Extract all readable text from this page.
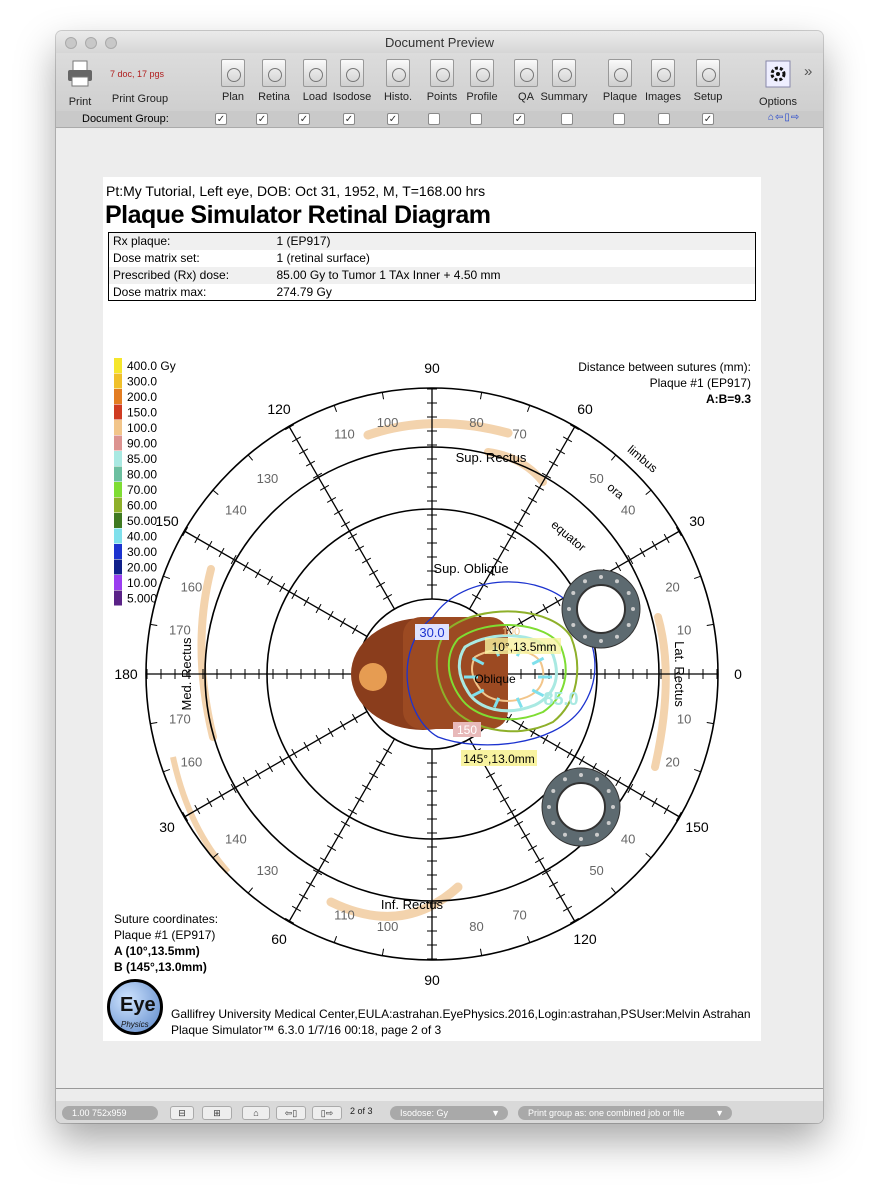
Document Preview
Print
7 doc, 17 pgs
Print Group	Plan	Retina	Load Isodose	Histo.	Points Profile	QA Summary	Plaque Images	Setup	Options
»
Document Group:	✓	✓	✓	✓	✓	✓	✓	⌂⇦▯⇨
Pt:My Tutorial, Left eye, DOB: Oct 31, 1952, M, T=168.00 hrs
Plaque Simulator Retinal Diagram
Rx plaque:	1 (EP917)
Dose matrix set:	1 (retinal surface)
Prescribed (Rx) dose:	85.00 Gy to Tumor 1 TAx Inner + 4.50 mm
Dose matrix max:	274.79 Gy
0
30
60
90
120
150
180
30
60
90
120
150
10
20
40
50
70
80
100
110
130
140
160
170
170
160
140
130
110
100	80
70
50
40
20
10
Sup. Rectus
Sup. Oblique
Inf. Rectus
Oblique
Med. Rectus	Lat. Rectus
limbus
ora
equator
30.0
85.0
150
100
10°,13.5mm
145°,13.0mm
400.0 Gy
300.0
200.0
150.0
100.0
90.00
85.00
80.00
70.00
60.00
50.00
40.00
30.00
20.00
10.00
5.000
Distance between sutures (mm):
Plaque #1 (EP917)
A:B=9.3
Suture coordinates:
Plaque #1 (EP917)
A (10°,13.5mm)
B (145°,13.0mm)
Eye
Physics
Gallifrey University Medical Center,EULA:astrahan.EyePhysics.2016,Login:astrahan,PSUser:Melvin Astrahan
Plaque Simulator™ 6.3.0 1/7/16 00:18, page 2 of 3
1.00 752x959	⊟	⊞	⌂	⇦▯	▯⇨	2 of 3	Isodose: Gy	▼	Print group as: one combined job or file	▼
